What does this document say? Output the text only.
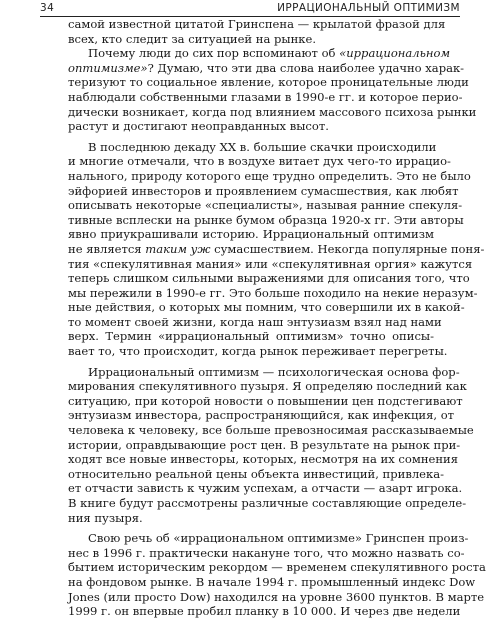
34	ИРРАЦИОНАЛЬНЫЙ ОПТИМИЗМ

самой известной цитатой Гринспена — крылатой фразой для
всех, кто следит за ситуацией на рынке.

Почему люди до сих пор вспоминают об «иррациональном
оптимизме»? Думаю, что эти два слова наиболее удачно харак-
теризуют то социальное явление, которое проницательные люди
наблюдали собственными глазами в 1990-е гг. и которое перио-
дически возникает, когда под влиянием массового психоза рынки
растут и достигают неоправданных высот.

В последнюю декаду XX в. большие скачки происходили
и многие отмечали, что в воздухе витает дух чего-то иррацио-
нального, природу которого еще трудно определить. Это не было
эйфорией инвесторов и проявлением сумасшествия, как любят
описывать некоторые «специалисты», называя ранние спекуля-
тивные всплески на рынке бумом образца 1920-х гг. Эти авторы
явно приукрашивали историю. Иррациональный оптимизм
не является таким уж сумасшествием. Некогда популярные поня-
тия «спекулятивная мания» или «спекулятивная оргия» кажутся
теперь слишком сильными выражениями для описания того, что
мы пережили в 1990-е гг. Это больше походило на некие неразум-
ные действия, о которых мы помним, что совершили их в какой-
то момент своей жизни, когда наш энтузиазм взял над нами
верх. Термин «иррациональный оптимизм» точно описы-
вает то, что происходит, когда рынок переживает перегреты.

Иррациональный оптимизм — психологическая основа фор-
мирования спекулятивного пузыря. Я определяю последний как
ситуацию, при которой новости о повышении цен подстегивают
энтузиазм инвестора, распространяющийся, как инфекция, от
человека к человеку, все больше превозносимая рассказываемые
истории, оправдывающие рост цен. В результате на рынок при-
ходят все новые инвесторы, которых, несмотря на их сомнения
относительно реальной цены объекта инвестиций, привлека-
ет отчасти зависть к чужим успехам, а отчасти — азарт игрока.
В книге будут рассмотрены различные составляющие определе-
ния пузыря.

Свою речь об «иррациональном оптимизме» Гринспен произ-
нес в 1996 г. практически накануне того, что можно назвать со-
бытием историческим рекордом — временем спекулятивного роста
на фондовом рынке. В начале 1994 г. промышленный индекс Dow
Jones (или просто Dow) находился на уровне 3600 пунктов. В марте
1999 г. он впервые пробил планку в 10 000. И через две недели
